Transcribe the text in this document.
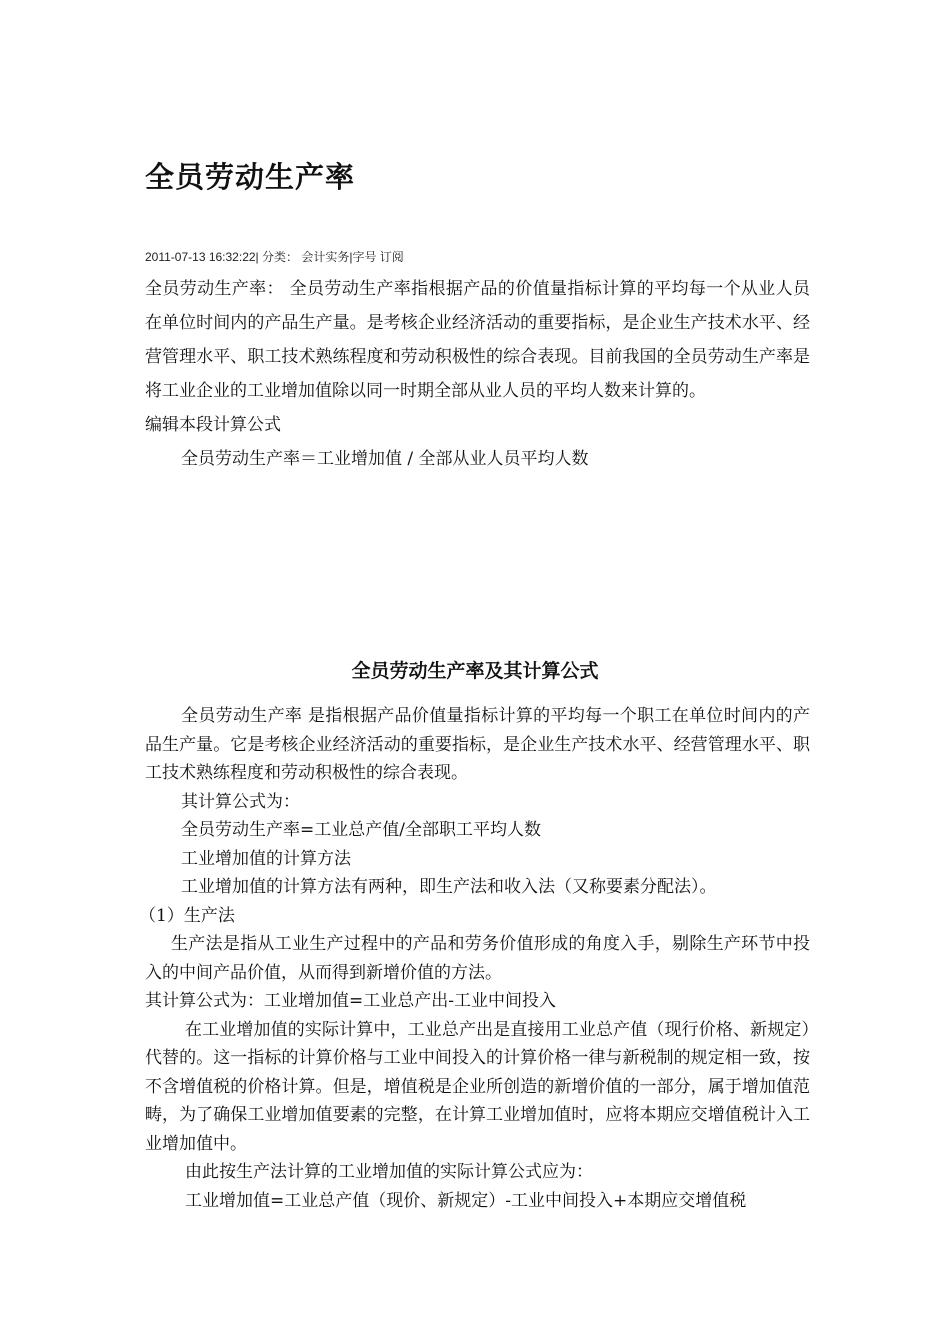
全员劳动生产率
2011-07-13 16:32:22| 分类： 会计实务|字号 订阅

全员劳动生产率： 全员劳动生产率指根据产品的价值量指标计算的平均每一个从业人员在单位时间内的产品生产量。是考核企业经济活动的重要指标，是企业生产技术水平、经营管理水平、职工技术熟练程度和劳动积极性的综合表现。目前我国的全员劳动生产率是将工业企业的工业增加值除以同一时期全部从业人员的平均人数来计算的。

编辑本段计算公式

全员劳动生产率＝工业增加值 / 全部从业人员平均人数

全员劳动生产率及其计算公式

全员劳动生产率 是指根据产品价值量指标计算的平均每一个职工在单位时间内的产品生产量。它是考核企业经济活动的重要指标，是企业生产技术水平、经营管理水平、职工技术熟练程度和劳动积极性的综合表现。

其计算公式为：

全员劳动生产率=工业总产值/全部职工平均人数

工业增加值的计算方法

工业增加值的计算方法有两种，即生产法和收入法（又称要素分配法）。

（1）生产法

生产法是指从工业生产过程中的产品和劳务价值形成的角度入手，剔除生产环节中投入的中间产品价值，从而得到新增价值的方法。

其计算公式为：工业增加值=工业总产出-工业中间投入

在工业增加值的实际计算中，工业总产出是直接用工业总产值（现行价格、新规定）代替的。这一指标的计算价格与工业中间投入的计算价格一律与新税制的规定相一致，按不含增值税的价格计算。但是，增值税是企业所创造的新增价值的一部分，属于增加值范畴，为了确保工业增加值要素的完整，在计算工业增加值时，应将本期应交增值税计入工业增加值中。

由此按生产法计算的工业增加值的实际计算公式应为：

工业增加值=工业总产值（现价、新规定）-工业中间投入+本期应交增值税
